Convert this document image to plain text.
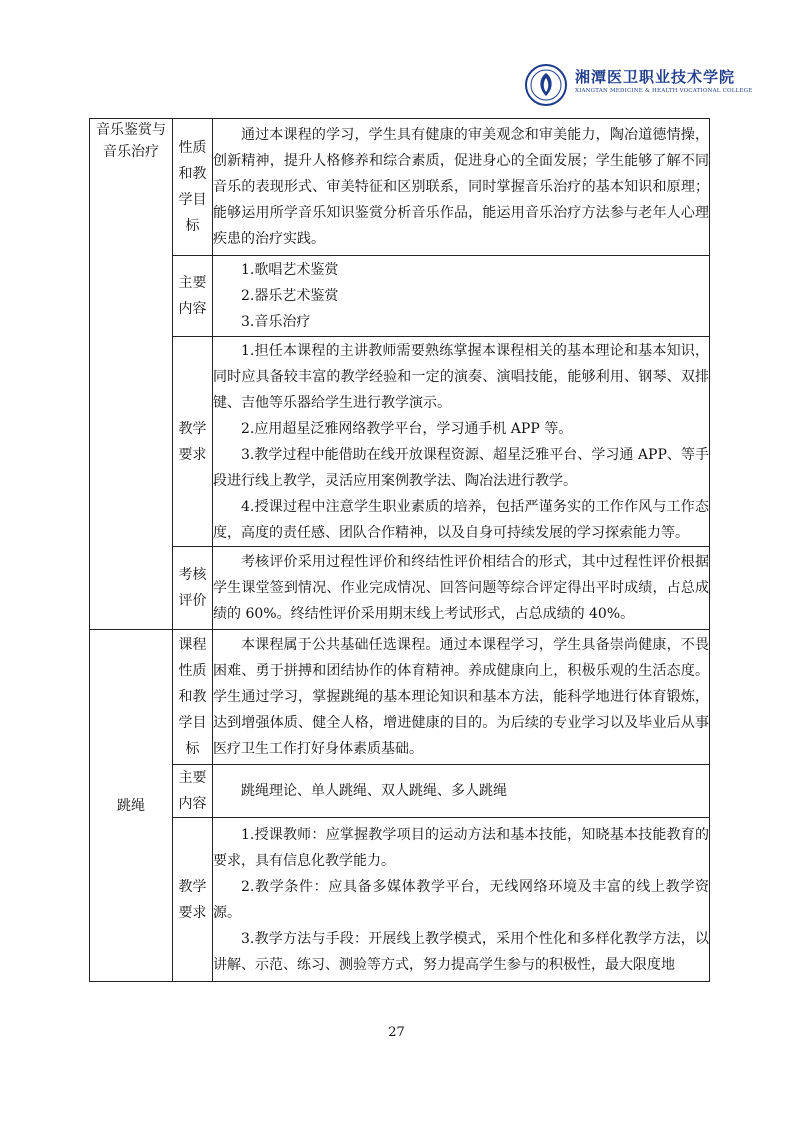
湘潭医卫职业技术学院
XIANGTAN MEDICINE & HEALTH VOCATIONAL COLLEGE
音乐鉴赏与音乐治疗	性质和教学目标	通过本课程的学习，学生具有健康的审美观念和审美能力，陶冶道德情操，创新精神，提升人格修养和综合素质，促进身心的全面发展；学生能够了解不同音乐的表现形式、审美特征和区别联系，同时掌握音乐治疗的基本知识和原理；能够运用所学音乐知识鉴赏分析音乐作品，能运用音乐治疗方法参与老年人心理疾患的治疗实践。

	主要内容	1.歌唱艺术鉴赏
2.器乐艺术鉴赏
3.音乐治疗

	教学要求	1.担任本课程的主讲教师需要熟练掌握本课程相关的基本理论和基本知识，同时应具备较丰富的教学经验和一定的演奏、演唱技能，能够利用、钢琴、双排键、吉他等乐器给学生进行教学演示。
2.应用超星泛雅网络教学平台，学习通手机 APP 等。
3.教学过程中能借助在线开放课程资源、超星泛雅平台、学习通 APP、等手段进行线上教学，灵活应用案例教学法、陶冶法进行教学。
4.授课过程中注意学生职业素质的培养，包括严谨务实的工作作风与工作态度，高度的责任感、团队合作精神，以及自身可持续发展的学习探索能力等。

	考核评价	考核评价采用过程性评价和终结性评价相结合的形式，其中过程性评价根据学生课堂签到情况、作业完成情况、回答问题等综合评定得出平时成绩，占总成绩的 60%。终结性评价采用期末线上考试形式，占总成绩的 40%。

跳绳	课程性质和教学目标	本课程属于公共基础任选课程。通过本课程学习，学生具备崇尚健康，不畏困难、勇于拼搏和团结协作的体育精神。养成健康向上，积极乐观的生活态度。学生通过学习，掌握跳绳的基本理论知识和基本方法，能科学地进行体育锻炼，达到增强体质、健全人格，增进健康的目的。为后续的专业学习以及毕业后从事医疗卫生工作打好身体素质基础。

	主要内容	跳绳理论、单人跳绳、双人跳绳、多人跳绳

	教学要求	1.授课教师：应掌握教学项目的运动方法和基本技能，知晓基本技能教育的要求，具有信息化教学能力。
2.教学条件：应具备多媒体教学平台，无线网络环境及丰富的线上教学资源。
3.教学方法与手段：开展线上教学模式，采用个性化和多样化教学方法，以讲解、示范、练习、测验等方式，努力提高学生参与的积极性，最大限度地
27
